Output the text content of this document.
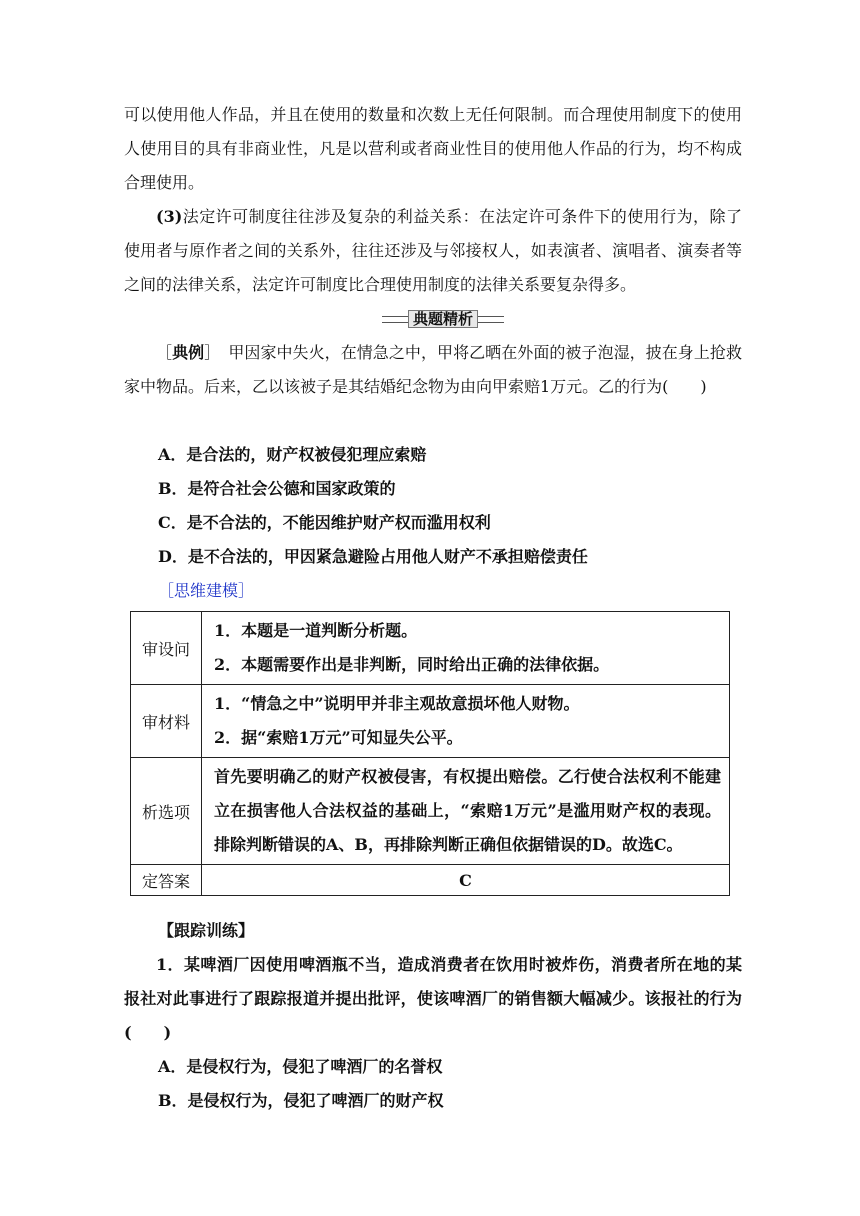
可以使用他人作品，并且在使用的数量和次数上无任何限制。而合理使用制度下的使用人使用目的具有非商业性，凡是以营利或者商业性目的使用他人作品的行为，均不构成合理使用。

(3)法定许可制度往往涉及复杂的利益关系：在法定许可条件下的使用行为，除了使用者与原作者之间的关系外，往往还涉及与邻接权人，如表演者、演唱者、演奏者等之间的法律关系，法定许可制度比合理使用制度的法律关系要复杂得多。

典题精析

［典例］　 甲因家中失火，在情急之中，甲将乙晒在外面的被子泡湿，披在身上抢救家中物品。后来，乙以该被子是其结婚纪念物为由向甲索赔1万元。乙的行为(　　)

A．是合法的，财产权被侵犯理应索赔

B．是符合社会公德和国家政策的

C．是不合法的，不能因维护财产权而滥用权利

D．是不合法的，甲因紧急避险占用他人财产不承担赔偿责任

［思维建模］

审设问	1．本题是一道判断分析题。
2．本题需要作出是非判断，同时给出正确的法律依据。

审材料	1．“情急之中”说明甲并非主观故意损坏他人财物。
2．据“索赔1万元”可知显失公平。

析选项	首先要明确乙的财产权被侵害，有权提出赔偿。乙行使合法权利不能建立在损害他人合法权益的基础上，“索赔1万元”是滥用财产权的表现。排除判断错误的A、B，再排除判断正确但依据错误的D。故选C。
定答案	C

【跟踪训练】

1．某啤酒厂因使用啤酒瓶不当，造成消费者在饮用时被炸伤，消费者所在地的某报社对此事进行了跟踪报道并提出批评，使该啤酒厂的销售额大幅减少。该报社的行为(　　)

A．是侵权行为，侵犯了啤酒厂的名誉权

B．是侵权行为，侵犯了啤酒厂的财产权
